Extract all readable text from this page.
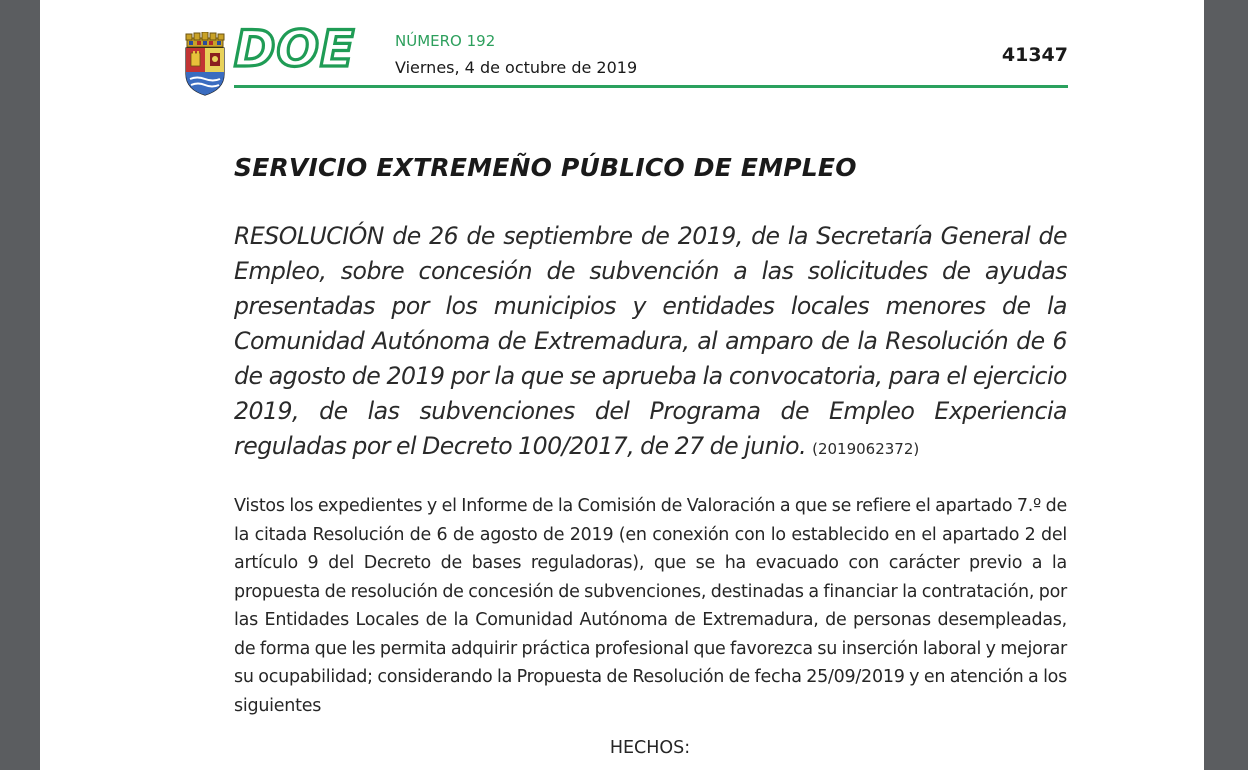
DOE	NÚMERO 192
Viernes, 4 de octubre de 2019
41347
SERVICIO EXTREMEÑO PÚBLICO DE EMPLEO

RESOLUCIÓN de 26 de septiembre de 2019, de la Secretaría General de Empleo, sobre concesión de subvención a las solicitudes de ayudas presentadas por los municipios y entidades locales menores de la Comunidad Autónoma de Extremadura, al amparo de la Resolución de 6 de agosto de 2019 por la que se aprueba la convocatoria, para el ejercicio 2019, de las subvenciones del Programa de Empleo Experiencia reguladas por el Decreto 100/2017, de 27 de junio. (2019062372)

Vistos los expedientes y el Informe de la Comisión de Valoración a que se refiere el apartado 7.º de la citada Resolución de 6 de agosto de 2019 (en conexión con lo establecido en el apartado 2 del artículo 9 del Decreto de bases reguladoras), que se ha evacuado con carácter previo a la propuesta de resolución de concesión de subvenciones, destinadas a financiar la contratación, por las Entidades Locales de la Comunidad Autónoma de Extremadura, de personas desempleadas, de forma que les permita adquirir práctica profesional que favorezca su inserción laboral y mejorar su ocupabilidad; considerando la Propuesta de Resolución de fecha 25/09/2019 y en atención a los siguientes

HECHOS:
